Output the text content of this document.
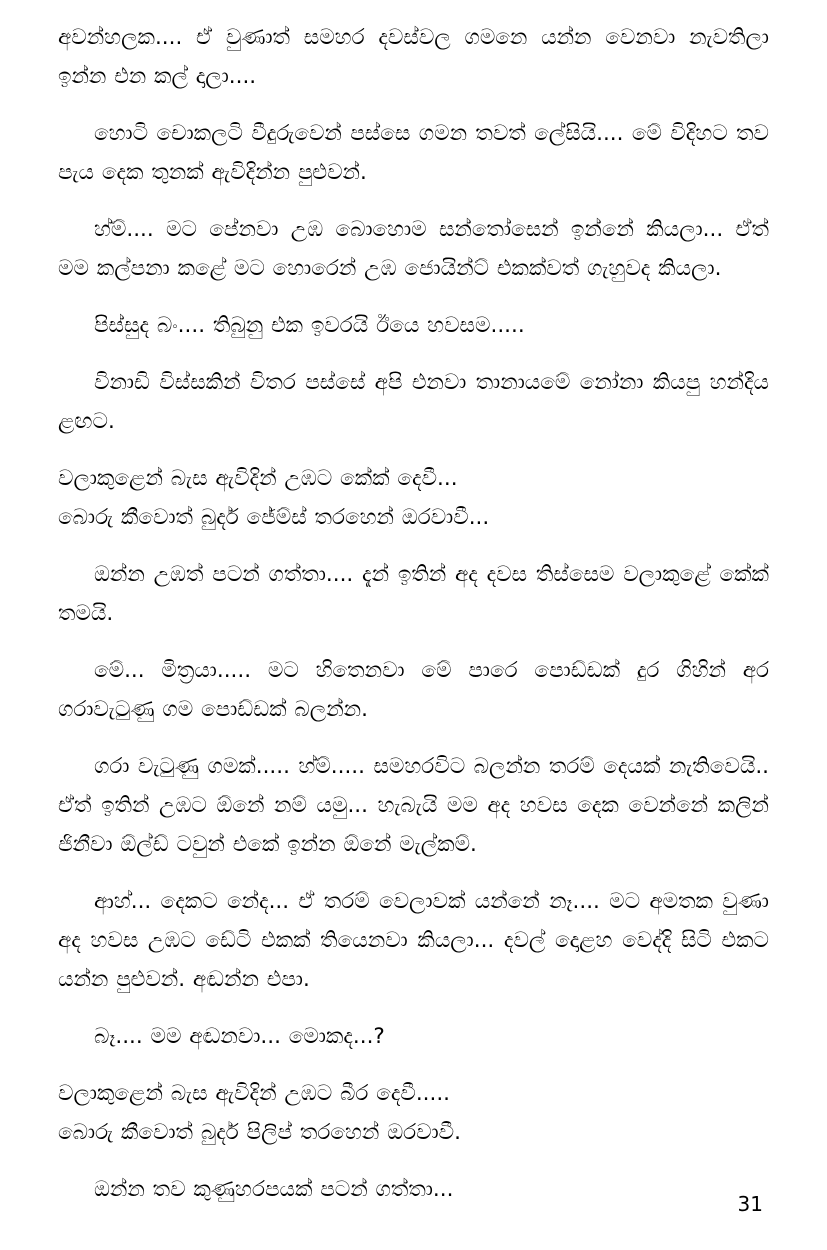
අවන්හලක.... ඒ වුණාත් සමහර දවස්වල ගමනෙ යන්න වෙනවා නැවතිලා ඉන්න එන කල් දාලා....

හොටි චොකලටි වීදුරුවෙන් පස්සෙ ගමන තවත් ලේසියි.... මේ විදිහට තව පැය දෙක තුනක් ඇවිදින්න පුළුවන්.

හ්ම්.... මට පේනවා උඹ බොහොම සන්තෝසෙන් ඉන්නේ කියලා... ඒත් මම කල්පනා කළේ මට හොරෙන් උඹ ජොයින්ට් එකක්වත් ගැහුවද කියලා.

පිස්සුද බං.... තිබුනු එක ඉවරයි ඊයෙ හවසම.....

විනාඩි විස්සකින් විතර පස්සේ අපි එනවා තානායමේ නෝනා කියපු හන්දිය ළඟට.

වලාකුළෙන් බැස ඇවිදින් උඹට කේක් දෙවී...

බොරු කීවොත් බුදර් ජේම්ස් තරහෙන් ඔරවාවී...

ඔන්න උඹත් පටන් ගත්තා.... දැන් ඉතින් අද දවස තිස්සෙම වලාකුළේ කේක් තමයි.

මේ... මිත්‍රයා..... මට හිතෙනවා මේ පාරෙ පොඩ්ඩක් දුර ගිහින් අර ගරාවැටුණු ගම පොඩ්ඩක් බලන්න.

ගරා වැටුණු ගමක්..... හ්ම්..... සමහරවිට බලන්න තරම් දෙයක් නැතිවෙයි.. ඒත් ඉතින් උඹට ඕනේ නම් යමු... හැබැයි මම අද හවස දෙක වෙන්නේ කලින් ජිනීවා ඕල්ඩ් ටවුන් එකේ ඉන්න ඕනේ මැල්කම්.

ආහ්... දෙකට නේද... ඒ තරම් වෙලාවක් යන්නේ නෑ.... මට අමතක වුණා අද හවස උඹට ඩේටි එකක් තියෙනවා කියලා... දවල් දොළහ වෙද්දි සිටි එකට යන්න පුළුවන්. අඬන්න එපා.

බෑ.... මම අඬනවා... මොකද...?

වලාකුළෙන් බැස ඇවිදින් උඹට බීර දෙවී.....

බොරු කීවොත් බුදර් පිලිප් තරහෙන් ඔරවාවී.

ඔන්න තව කුණුහරපයක් පටන් ගත්තා...

31
